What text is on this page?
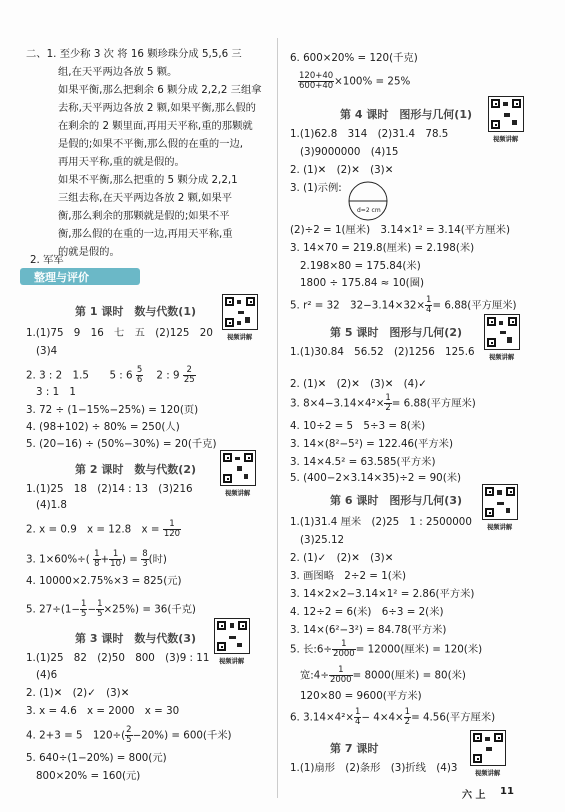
二、1. 至少称 3 次 将 16 颗珍珠分成 5,5,6 三
组,在天平两边各放 5 颗。
如果平衡,那么把剩余 6 颗分成 2,2,2 三组拿
去称,天平两边各放 2 颗,如果平衡,那么假的
在剩余的 2 颗里面,再用天平称,重的那颗就
是假的;如果不平衡,那么假的在重的一边,
再用天平称,重的就是假的。
如果不平衡,那么把重的 5 颗分成 2,2,1
三组去称,在天平两边各放 2 颗,如果平
衡,那么剩余的那颗就是假的;如果不平
衡,那么假的在重的一边,再用天平称,重
的就是假的。
2. 军军
整理与评价
第 1 课时　数与代数(1)
视频讲解
1.(1)75　9　16　七　五　(2)125　20
(3)4
2. 3 : 2　1.5　　5 : $6 \frac{5}{6} 2$ : $9 \frac{2}{25}$
3 : 1　1
3. 72 ÷ (1−15%−25%) = 120(页)
4. (98+102) ÷ 80% = 250(人)
5. (20−16) ÷ (50%−30%) = 20(千克)
第 2 课时　数与代数(2)
视频讲解
1.(1)25　18　(2)14 : 13　(3)216
(4)1.8
2. x = 0.9　x = 12.8　$x = \frac{1}{120}$
3. $1\times 60\%\div( \frac{1}{8} + \frac{1}{10}$ ) = $\frac{8}{3}$ (时)
4. 10000×2.75%×3 = 825(元)
5. $27\div(1- \frac{1}{5} - \frac{1}{5} \times 25\%) = 36$(千克)
第 3 课时　数与代数(3)
视频讲解
1.(1)25　82　(2)50　800　(3)9 : 11
(4)6
2. (1)✕　(2)✓　(3)✕
3. x = 4.6　x = 2000　x = 30
4. 2+3 = 5　$120\div( \frac{2}{5} -20\%) = 600$(千米)
5. 640÷(1−20%) = 800(元)
800×20% = 160(元)
6. 600×20% = 120(千克)
$\frac{120+40}{600+40} \times 100\% = 25\%$
第 4 课时　图形与几何(1)
视频讲解
1.(1)62.8　314　(2)31.4　78.5
(3)9000000　(4)15
2. (1)✕　(2)✕　(3)✕
3. (1)示例:
d=2 cm
(2)÷2 = 1(厘米)　3.14×1² = 3.14(平方厘米)
3. 14×70 = 219.8(厘米) = 2.198(米)
2.198×80 = 175.84(米)
1800 ÷ 175.84 ≈ 10(圈)
5. r² = 32　$32-3.14\times 32\times \frac{1}{4} = 6.88$(平方厘米)
第 5 课时　图形与几何(2)
视频讲解
1.(1)30.84　56.52　(2)1256　125.6
2. (1)✕　(2)✕　(3)✕　(4)✓
3. $8\times 4-3.14\times 4^2\times \frac{1}{2} = 6.88$(平方厘米)
4. 10÷2 = 5　5÷3 = 8(米)
3. 14×(8²−5²) = 122.46(平方米)
3. 14×4.5² = 63.585(平方米)
5. (400−2×3.14×35)÷2 = 90(米)
第 6 课时　图形与几何(3)
视频讲解
1.(1)31.4 厘米　(2)25　1 : 2500000
(3)25.12
2. (1)✓　(2)✕　(3)✕
3. 画图略　2÷2 = 1(米)
3. 14×2×2−3.14×1² = 2.86(平方米)
4. 12÷2 = 6(米)　6÷3 = 2(米)
3. 14×(6²−3²) = 84.78(平方米)
5. 长:6÷ $\frac{1}{2000} = 12000$(厘米) = 120(米)
宽:4÷ $\frac{1}{2000} = 8000$(厘米) = 80(米)
120×80 = 9600(平方米)
6. $3.14\times 4^2\times \frac{1}{4} - 4\times 4\times \frac{1}{2} = 4.56$(平方厘米)
第 7 课时
视频讲解
1.(1)扇形　(2)条形　(3)折线　(4)3
六 上 11
